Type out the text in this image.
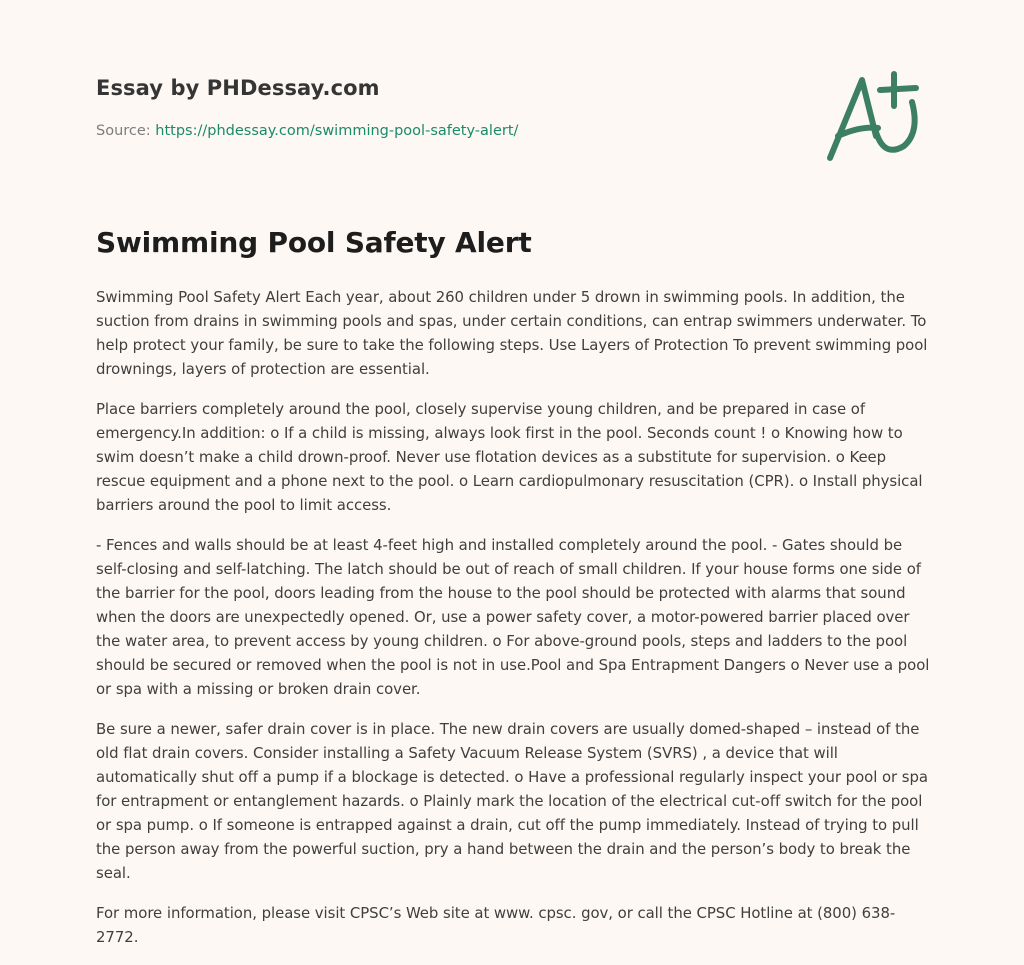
Essay by PHDessay.com

Source: https://phdessay.com/swimming-pool-safety-alert/

Swimming Pool Safety Alert

Swimming Pool Safety Alert Each year, about 260 children under 5 drown in swimming pools. In addition, the suction from drains in swimming pools and spas, under certain conditions, can entrap swimmers underwater. To help protect your family, be sure to take the following steps. Use Layers of Protection To prevent swimming pool drownings, layers of protection are essential.

Place barriers completely around the pool, closely supervise young children, and be prepared in case of emergency.In addition: o If a child is missing, always look first in the pool. Seconds count ! o Knowing how to swim doesn’t make a child drown-proof. Never use flotation devices as a substitute for supervision. o Keep rescue equipment and a phone next to the pool. o Learn cardiopulmonary resuscitation (CPR). o Install physical barriers around the pool to limit access.

- Fences and walls should be at least 4-feet high and installed completely around the pool. - Gates should be self-closing and self-latching. The latch should be out of reach of small children. If your house forms one side of the barrier for the pool, doors leading from the house to the pool should be protected with alarms that sound when the doors are unexpectedly opened. Or, use a power safety cover, a motor-powered barrier placed over the water area, to prevent access by young children. o For above-ground pools, steps and ladders to the pool should be secured or removed when the pool is not in use.Pool and Spa Entrapment Dangers o Never use a pool or spa with a missing or broken drain cover.

Be sure a newer, safer drain cover is in place. The new drain covers are usually domed-shaped – instead of the old flat drain covers. Consider installing a Safety Vacuum Release System (SVRS) , a device that will automatically shut off a pump if a blockage is detected. o Have a professional regularly inspect your pool or spa for entrapment or entanglement hazards. o Plainly mark the location of the electrical cut-off switch for the pool or spa pump. o If someone is entrapped against a drain, cut off the pump immediately. Instead of trying to pull the person away from the powerful suction, pry a hand between the drain and the person’s body to break the seal.

For more information, please visit CPSC’s Web site at www. cpsc. gov, or call the CPSC Hotline at (800) 638-2772.
